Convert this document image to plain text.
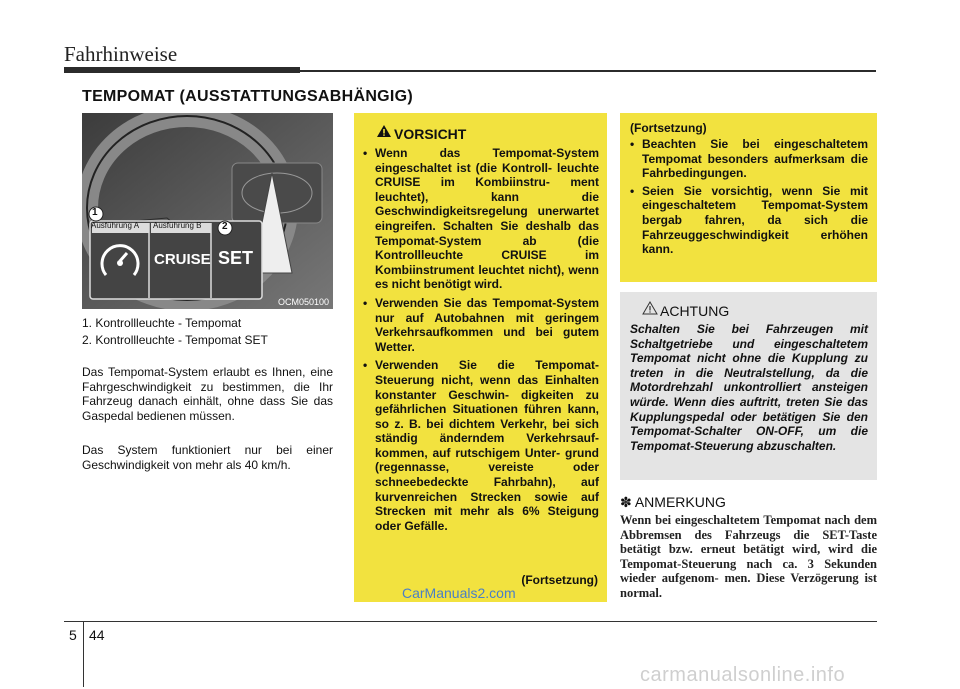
Fahrhinweise
TEMPOMAT (AUSSTATTUNGSABHÄNGIG)
Ausführung A Ausführung B
1
2
CRUISE SET
OCM050100
1. Kontrollleuchte - Tempomat
2. Kontrollleuchte - Tempomat SET
Das Tempomat-System erlaubt es Ihnen, eine Fahrgeschwindigkeit zu bestimmen, die Ihr Fahrzeug danach einhält, ohne dass Sie das Gaspedal bedienen müssen.
Das System funktioniert nur bei einer Geschwindigkeit von mehr als 40 km/h.
VORSICHT
• Wenn das Tempomat-System eingeschaltet ist (die Kontroll- leuchte CRUISE im Kombiinstru- ment leuchtet), kann die Geschwindigkeitsregelung unerwartet eingreifen. Schalten Sie deshalb das Tempomat-System ab (die Kontrollleuchte CRUISE im Kombiinstrument leuchtet nicht), wenn es nicht benötigt wird.
• Verwenden Sie das Tempomat-System nur auf Autobahnen mit geringem Verkehrsaufkommen und bei gutem Wetter.
• Verwenden Sie die Tempomat-Steuerung nicht, wenn das Einhalten konstanter Geschwin- digkeiten zu gefährlichen Situationen führen kann, so z. B. bei dichtem Verkehr, bei sich ständig änderndem Verkehrsauf- kommen, auf rutschigem Unter- grund (regennasse, vereiste oder schneebedeckte Fahrbahn), auf kurvenreichen Strecken sowie auf Strecken mit mehr als 6% Steigung oder Gefälle.
(Fortsetzung)
(Fortsetzung)
• Beachten Sie bei eingeschaltetem Tempomat besonders aufmerksam die Fahrbedingungen.
• Seien Sie vorsichtig, wenn Sie mit eingeschaltetem Tempomat-System bergab fahren, da sich die Fahrzeuggeschwindigkeit erhöhen kann.
ACHTUNG
Schalten Sie bei Fahrzeugen mit Schaltgetriebe und eingeschaltetem Tempomat nicht ohne die Kupplung zu treten in die Neutralstellung, da die Motordrehzahl unkontrolliert ansteigen würde. Wenn dies auftritt, treten Sie das Kupplungspedal oder betätigen Sie den Tempomat-Schalter ON-OFF, um die Tempomat-Steuerung abzuschalten.
✽ ANMERKUNG
Wenn bei eingeschaltetem Tempomat nach dem Abbremsen des Fahrzeugs die SET-Taste betätigt bzw. erneut betätigt wird, wird die Tempomat-Steuerung nach ca. 3 Sekunden wieder aufgenom- men. Diese Verzögerung ist normal.
CarManuals2.com
carmanualsonline.info
5 44
